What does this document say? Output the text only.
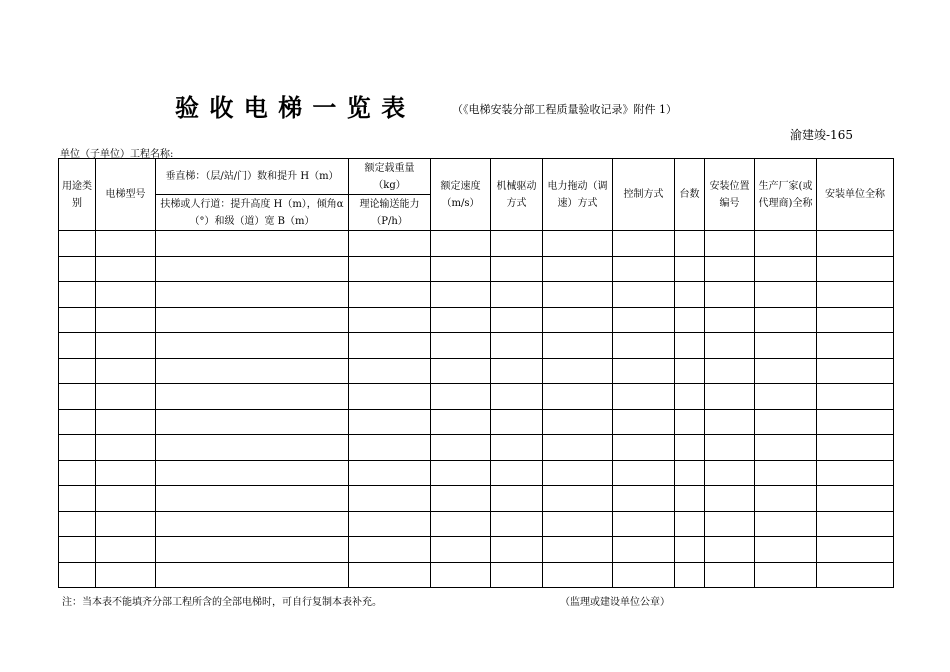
验 收 电 梯 一 览 表	（《电梯安装分部工程质量验收记录》附件 1）
渝建竣-165
单位（子单位）工程名称:
用途类别	电梯型号	垂直梯：（层/站/门）数和提升 H（m）	额定载重量（kg）	额定速度（m/s）	机械驱动方式	电力拖动（调速）方式	控制方式	台数	安装位置编号	生产厂家(或代理商)全称	安装单位全称
		扶梯或人行道：提升高度 H（m），倾角α（°）和级（道）宽 B（m）	理论输送能力（P/h）								

注：当本表不能填齐分部工程所含的全部电梯时，可自行复制本表补充。	（监理或建设单位公章）
